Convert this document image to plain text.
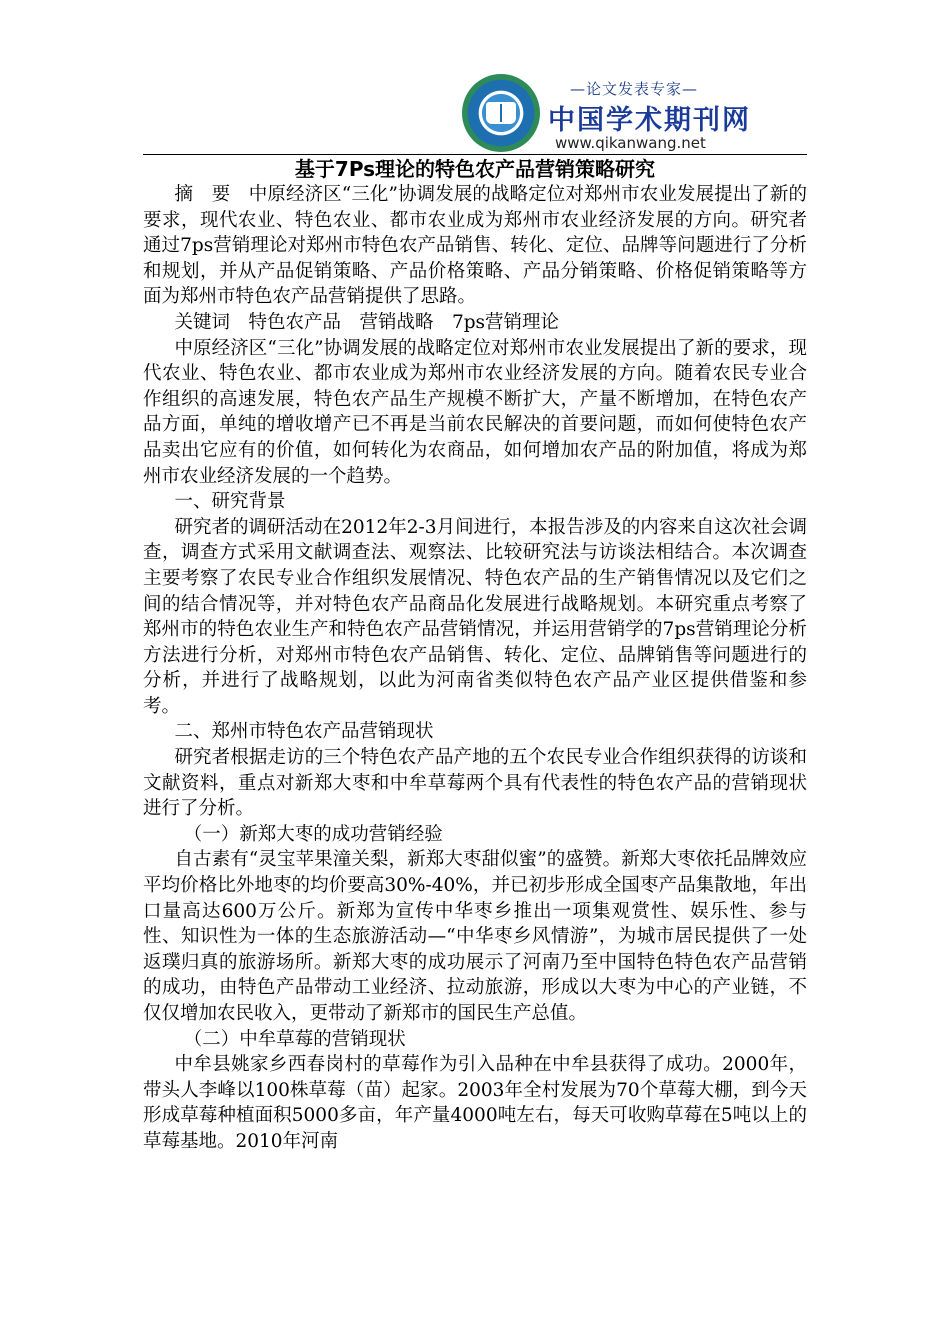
—论文发表专家—
中国学术期刊网
www.qikanwang.net

基于7Ps理论的特色农产品营销策略研究

摘　要　中原经济区“三化”协调发展的战略定位对郑州市农业发展提出了新的要求，现代农业、特色农业、都市农业成为郑州市农业经济发展的方向。研究者通过7ps营销理论对郑州市特色农产品销售、转化、定位、品牌等问题进行了分析和规划，并从产品促销策略、产品价格策略、产品分销策略、价格促销策略等方面为郑州市特色农产品营销提供了思路。

关键词　特色农产品　营销战略　7ps营销理论

中原经济区“三化”协调发展的战略定位对郑州市农业发展提出了新的要求，现代农业、特色农业、都市农业成为郑州市农业经济发展的方向。随着农民专业合作组织的高速发展，特色农产品生产规模不断扩大，产量不断增加，在特色农产品方面，单纯的增收增产已不再是当前农民解决的首要问题，而如何使特色农产品卖出它应有的价值，如何转化为农商品，如何增加农产品的附加值，将成为郑州市农业经济发展的一个趋势。

一、研究背景

研究者的调研活动在2012年2-3月间进行，本报告涉及的内容来自这次社会调查，调查方式采用文献调查法、观察法、比较研究法与访谈法相结合。本次调查主要考察了农民专业合作组织发展情况、特色农产品的生产销售情况以及它们之间的结合情况等，并对特色农产品商品化发展进行战略规划。本研究重点考察了郑州市的特色农业生产和特色农产品营销情况，并运用营销学的7ps营销理论分析方法进行分析，对郑州市特色农产品销售、转化、定位、品牌销售等问题进行的分析，并进行了战略规划，以此为河南省类似特色农产品产业区提供借鉴和参考。

二、郑州市特色农产品营销现状

研究者根据走访的三个特色农产品产地的五个农民专业合作组织获得的访谈和文献资料，重点对新郑大枣和中牟草莓两个具有代表性的特色农产品的营销现状进行了分析。

（一）新郑大枣的成功营销经验

自古素有“灵宝苹果潼关梨，新郑大枣甜似蜜”的盛赞。新郑大枣依托品牌效应平均价格比外地枣的均价要高30%-40%，并已初步形成全国枣产品集散地，年出口量高达600万公斤。新郑为宣传中华枣乡推出一项集观赏性、娱乐性、参与性、知识性为一体的生态旅游活动—“中华枣乡风情游”，为城市居民提供了一处返璞归真的旅游场所。新郑大枣的成功展示了河南乃至中国特色特色农产品营销的成功，由特色产品带动工业经济、拉动旅游，形成以大枣为中心的产业链，不仅仅增加农民收入，更带动了新郑市的国民生产总值。

（二）中牟草莓的营销现状

中牟县姚家乡西春岗村的草莓作为引入品种在中牟县获得了成功。2000年，带头人李峰以100株草莓（苗）起家。2003年全村发展为70个草莓大棚，到今天形成草莓种植面积5000多亩，年产量4000吨左右，每天可收购草莓在5吨以上的草莓基地。2010年河南
